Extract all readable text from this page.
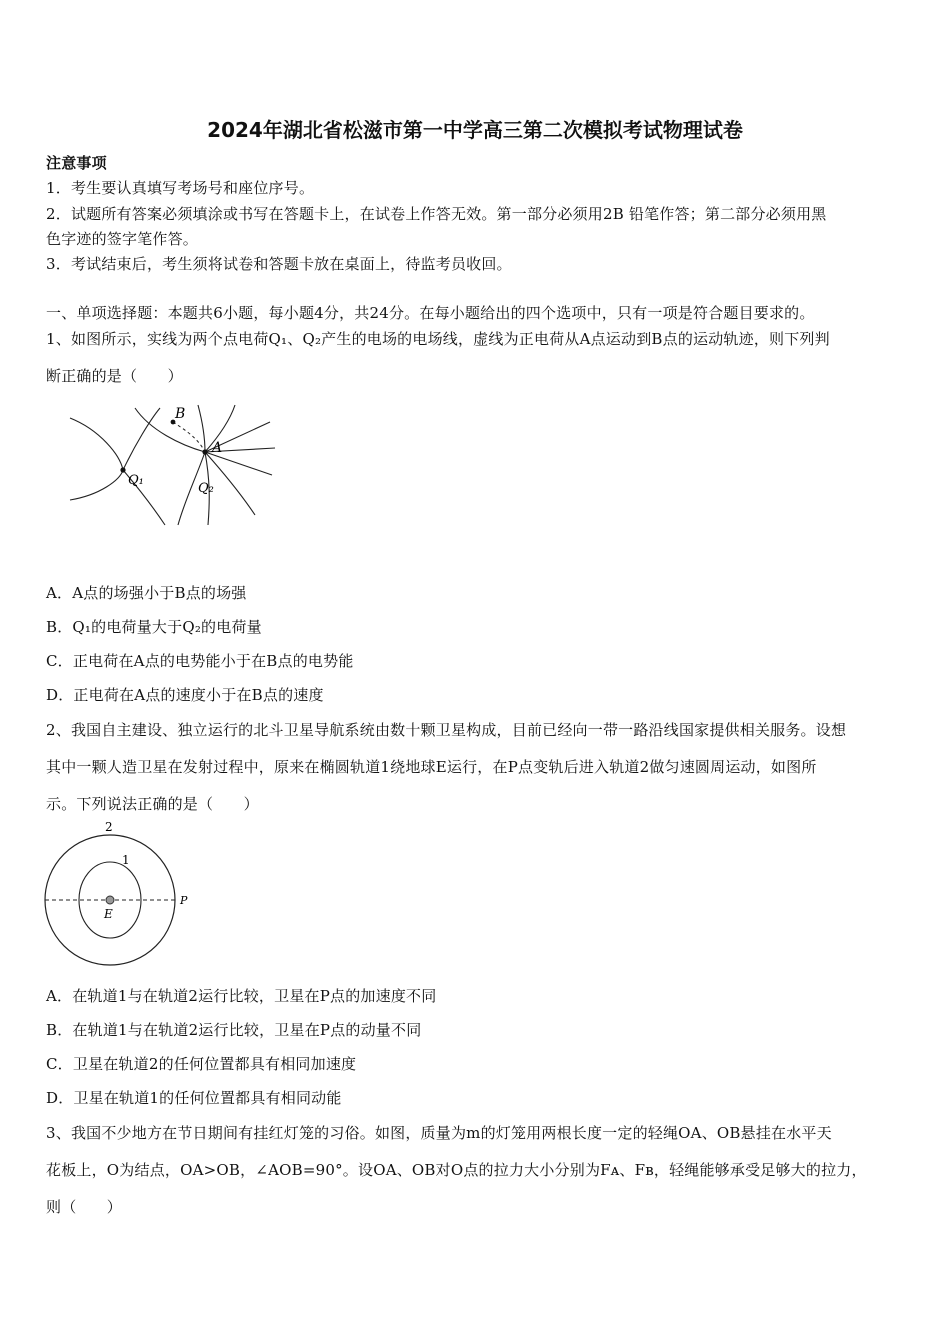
2024年湖北省松滋市第一中学高三第二次模拟考试物理试卷
注意事项
1．考生要认真填写考场号和座位序号。
2．试题所有答案必须填涂或书写在答题卡上，在试卷上作答无效。第一部分必须用2B 铅笔作答；第二部分必须用黑
色字迹的签字笔作答。
3．考试结束后，考生须将试卷和答题卡放在桌面上，待监考员收回。
一、单项选择题：本题共6小题，每小题4分，共24分。在每小题给出的四个选项中，只有一项是符合题目要求的。
1、如图所示，实线为两个点电荷Q₁、Q₂产生的电场的电场线，虚线为正电荷从A点运动到B点的运动轨迹，则下列判
断正确的是（　　）
B
A
Q₁
Q₂
A．A点的场强小于B点的场强
B．Q₁的电荷量大于Q₂的电荷量
C．正电荷在A点的电势能小于在B点的电势能
D．正电荷在A点的速度小于在B点的速度
2、我国自主建设、独立运行的北斗卫星导航系统由数十颗卫星构成，目前已经向一带一路沿线国家提供相关服务。设想
其中一颗人造卫星在发射过程中，原来在椭圆轨道1绕地球E运行，在P点变轨后进入轨道2做匀速圆周运动，如图所
示。下列说法正确的是（　　）
2
1
E
P
A．在轨道1与在轨道2运行比较，卫星在P点的加速度不同
B．在轨道1与在轨道2运行比较，卫星在P点的动量不同
C．卫星在轨道2的任何位置都具有相同加速度
D．卫星在轨道1的任何位置都具有相同动能
3、我国不少地方在节日期间有挂红灯笼的习俗。如图，质量为m的灯笼用两根长度一定的轻绳OA、OB悬挂在水平天
花板上，O为结点，OA>OB，∠AOB=90°。设OA、OB对O点的拉力大小分别为Fᴀ、Fʙ，轻绳能够承受足够大的拉力，
则（　　）
